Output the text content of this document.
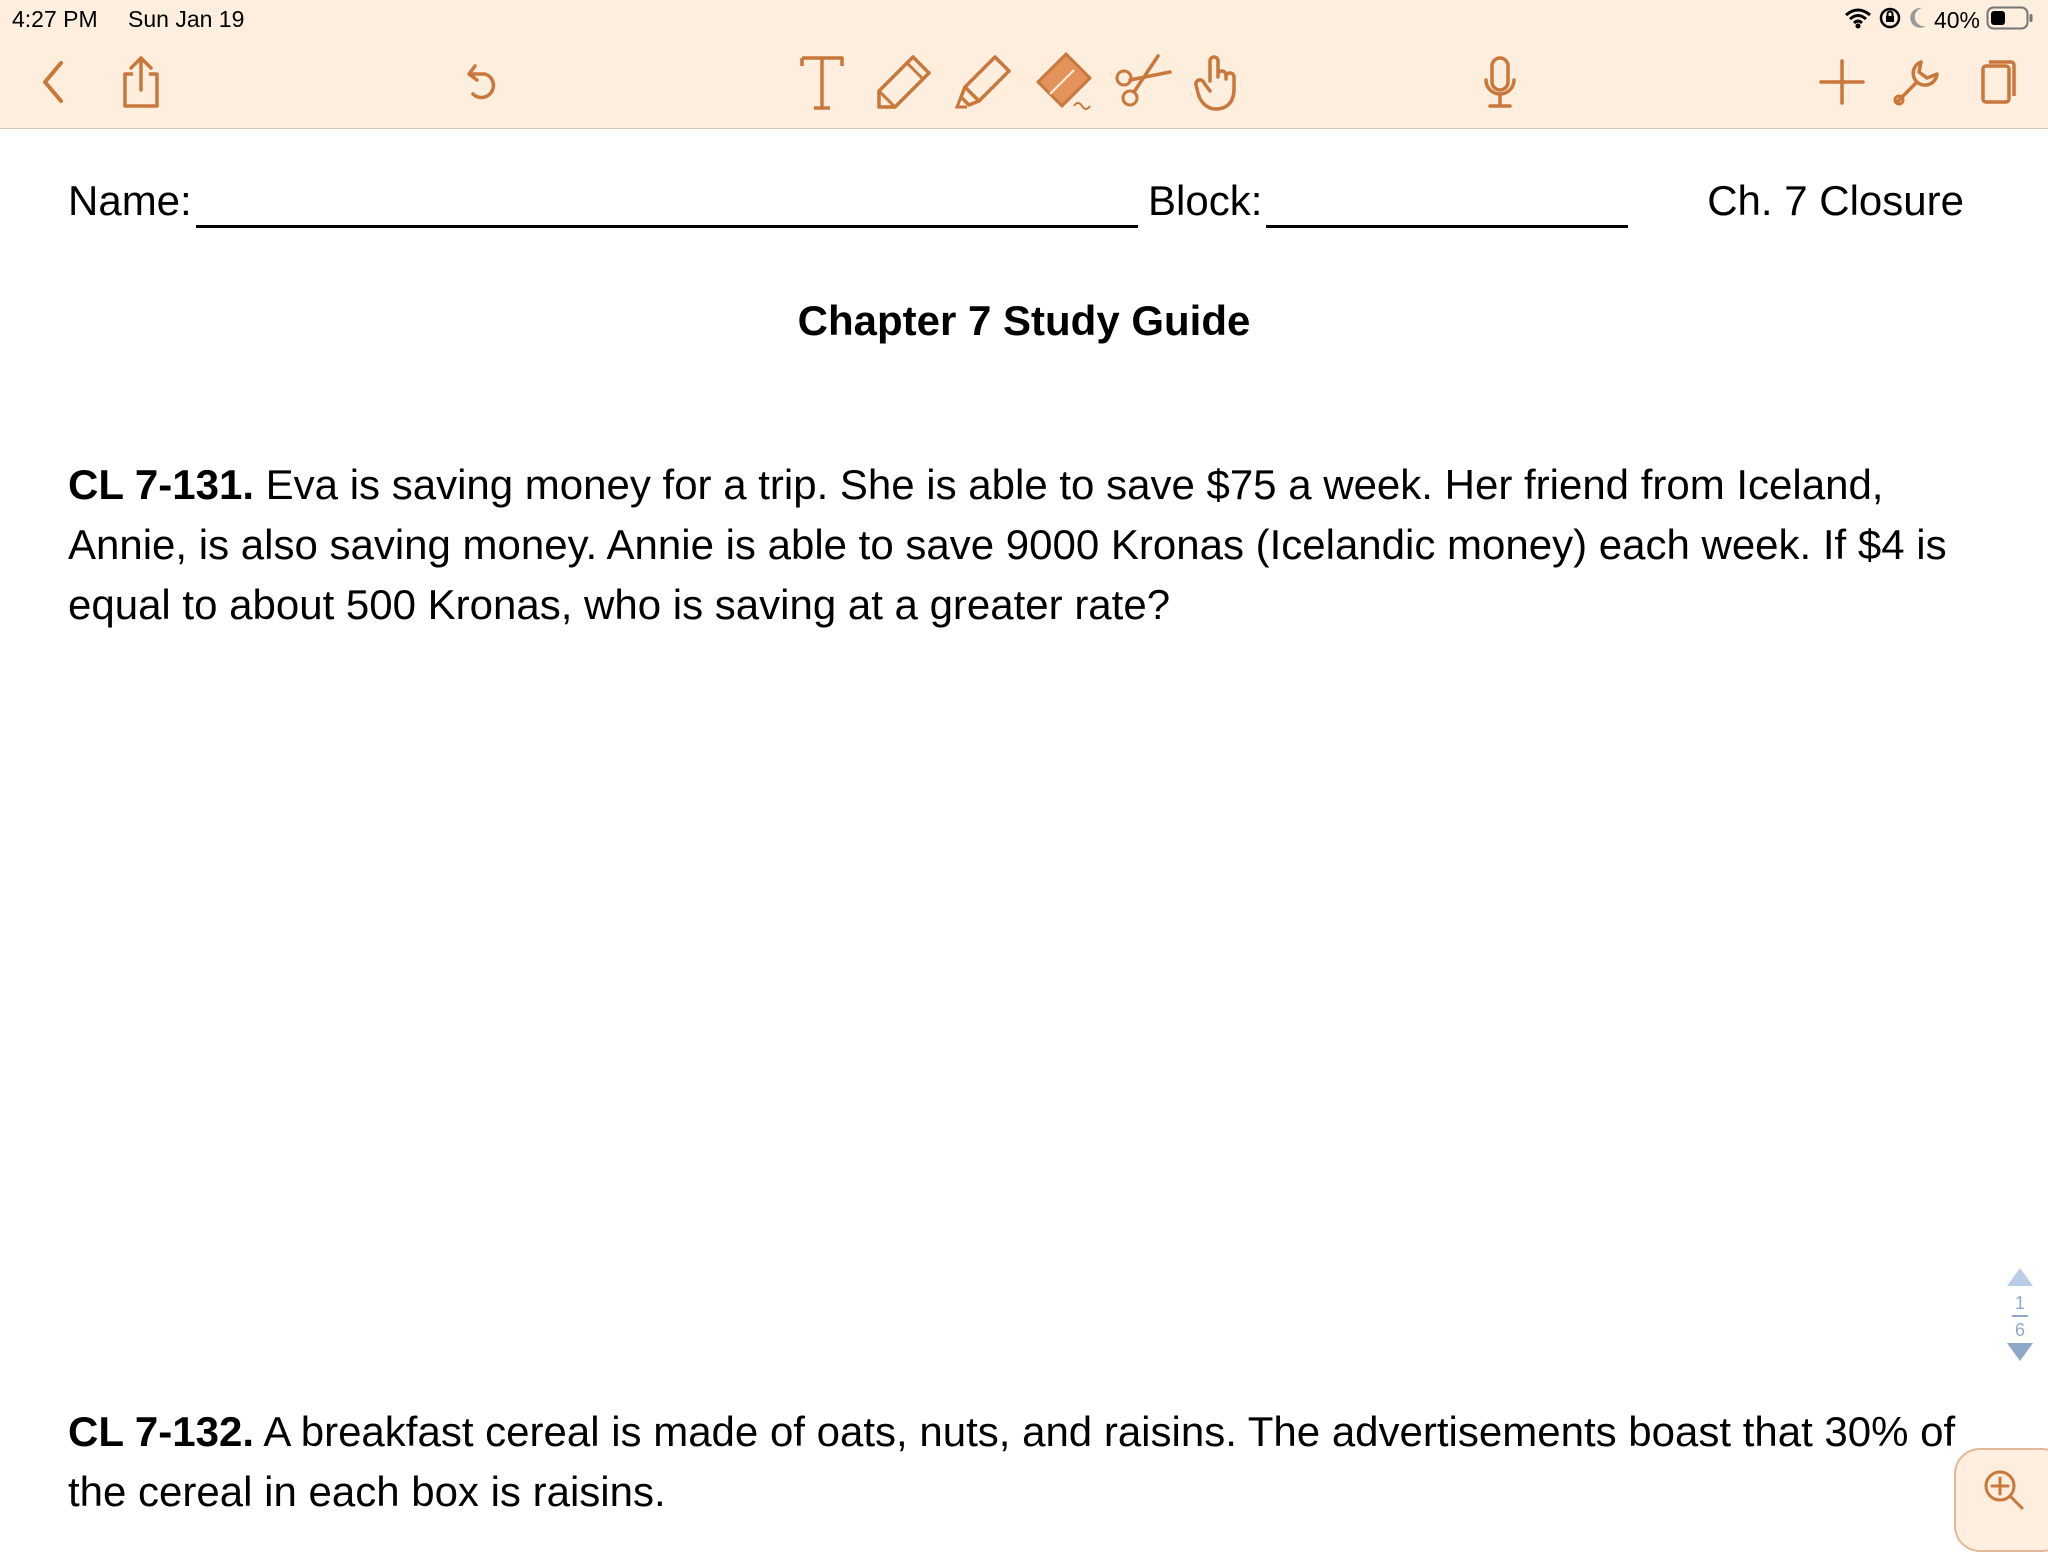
4:27 PM Sun Jan 19	40%
Name:	Block:	Ch. 7 Closure
Chapter 7 Study Guide
CL 7-131. Eva is saving money for a trip. She is able to save $75 a week. Her friend from Iceland, Annie, is also saving money. Annie is able to save 9000 Kronas (Icelandic money) each week. If $4 is equal to about 500 Kronas, who is saving at a greater rate?
CL 7-132. A breakfast cereal is made of oats, nuts, and raisins. The advertisements boast that 30% of the cereal in each box is raisins.
1
6
